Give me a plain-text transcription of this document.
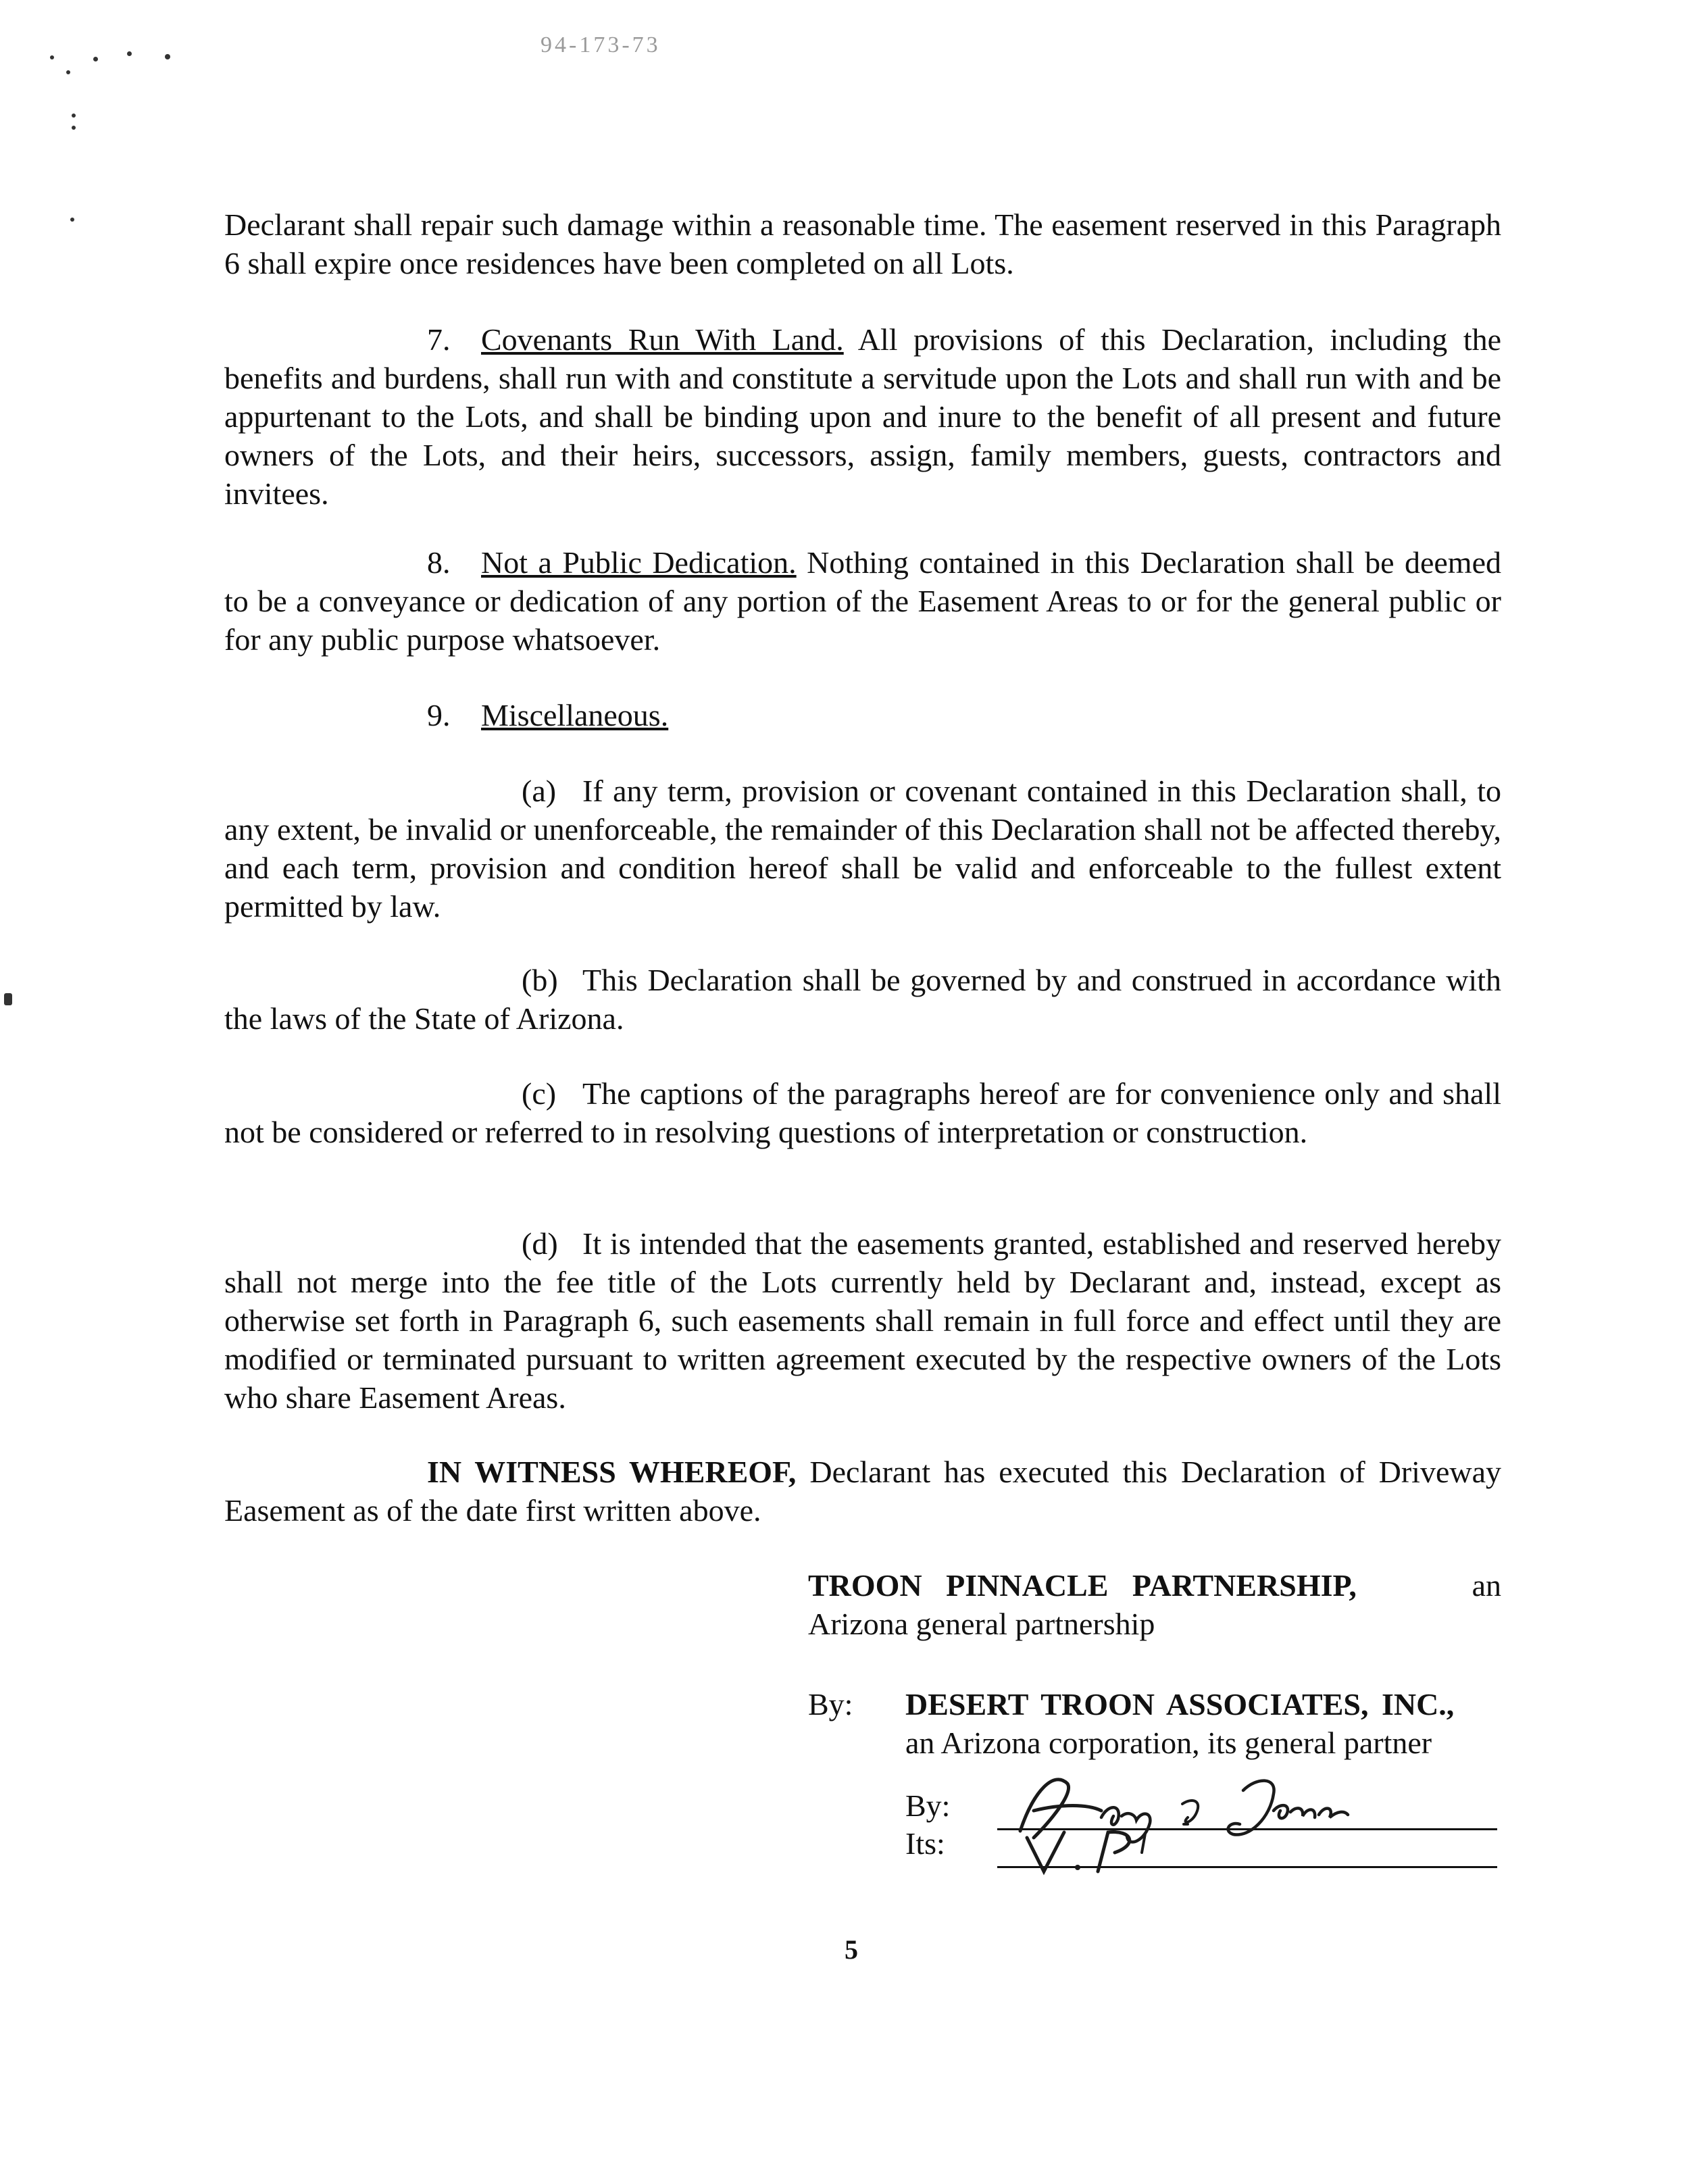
94-173-73
Declarant shall repair such damage within a reasonable time. The easement reserved in this Paragraph 6 shall expire once residences have been completed on all Lots.
7. Covenants Run With Land. All provisions of this Declaration, including the benefits and burdens, shall run with and constitute a servitude upon the Lots and shall run with and be appurtenant to the Lots, and shall be binding upon and inure to the benefit of all present and future owners of the Lots, and their heirs, successors, assign, family members, guests, contractors and invitees.
8. Not a Public Dedication. Nothing contained in this Declaration shall be deemed to be a conveyance or dedication of any portion of the Easement Areas to or for the general public or for any public purpose whatsoever.
9. Miscellaneous.
(a) If any term, provision or covenant contained in this Declaration shall, to any extent, be invalid or unenforceable, the remainder of this Declaration shall not be affected thereby, and each term, provision and condition hereof shall be valid and enforceable to the fullest extent permitted by law.
(b) This Declaration shall be governed by and construed in accordance with the laws of the State of Arizona.
(c) The captions of the paragraphs hereof are for convenience only and shall not be considered or referred to in resolving questions of interpretation or construction.
(d) It is intended that the easements granted, established and reserved hereby shall not merge into the fee title of the Lots currently held by Declarant and, instead, except as otherwise set forth in Paragraph 6, such easements shall remain in full force and effect until they are modified or terminated pursuant to written agreement executed by the respective owners of the Lots who share Easement Areas.
IN WITNESS WHEREOF, Declarant has executed this Declaration of Driveway Easement as of the date first written above.
TROON PINNACLE PARTNERSHIP,	an
Arizona general partnership
By: DESERT TROON ASSOCIATES, INC.,
an Arizona corporation, its general partner
By:
Its:
5
